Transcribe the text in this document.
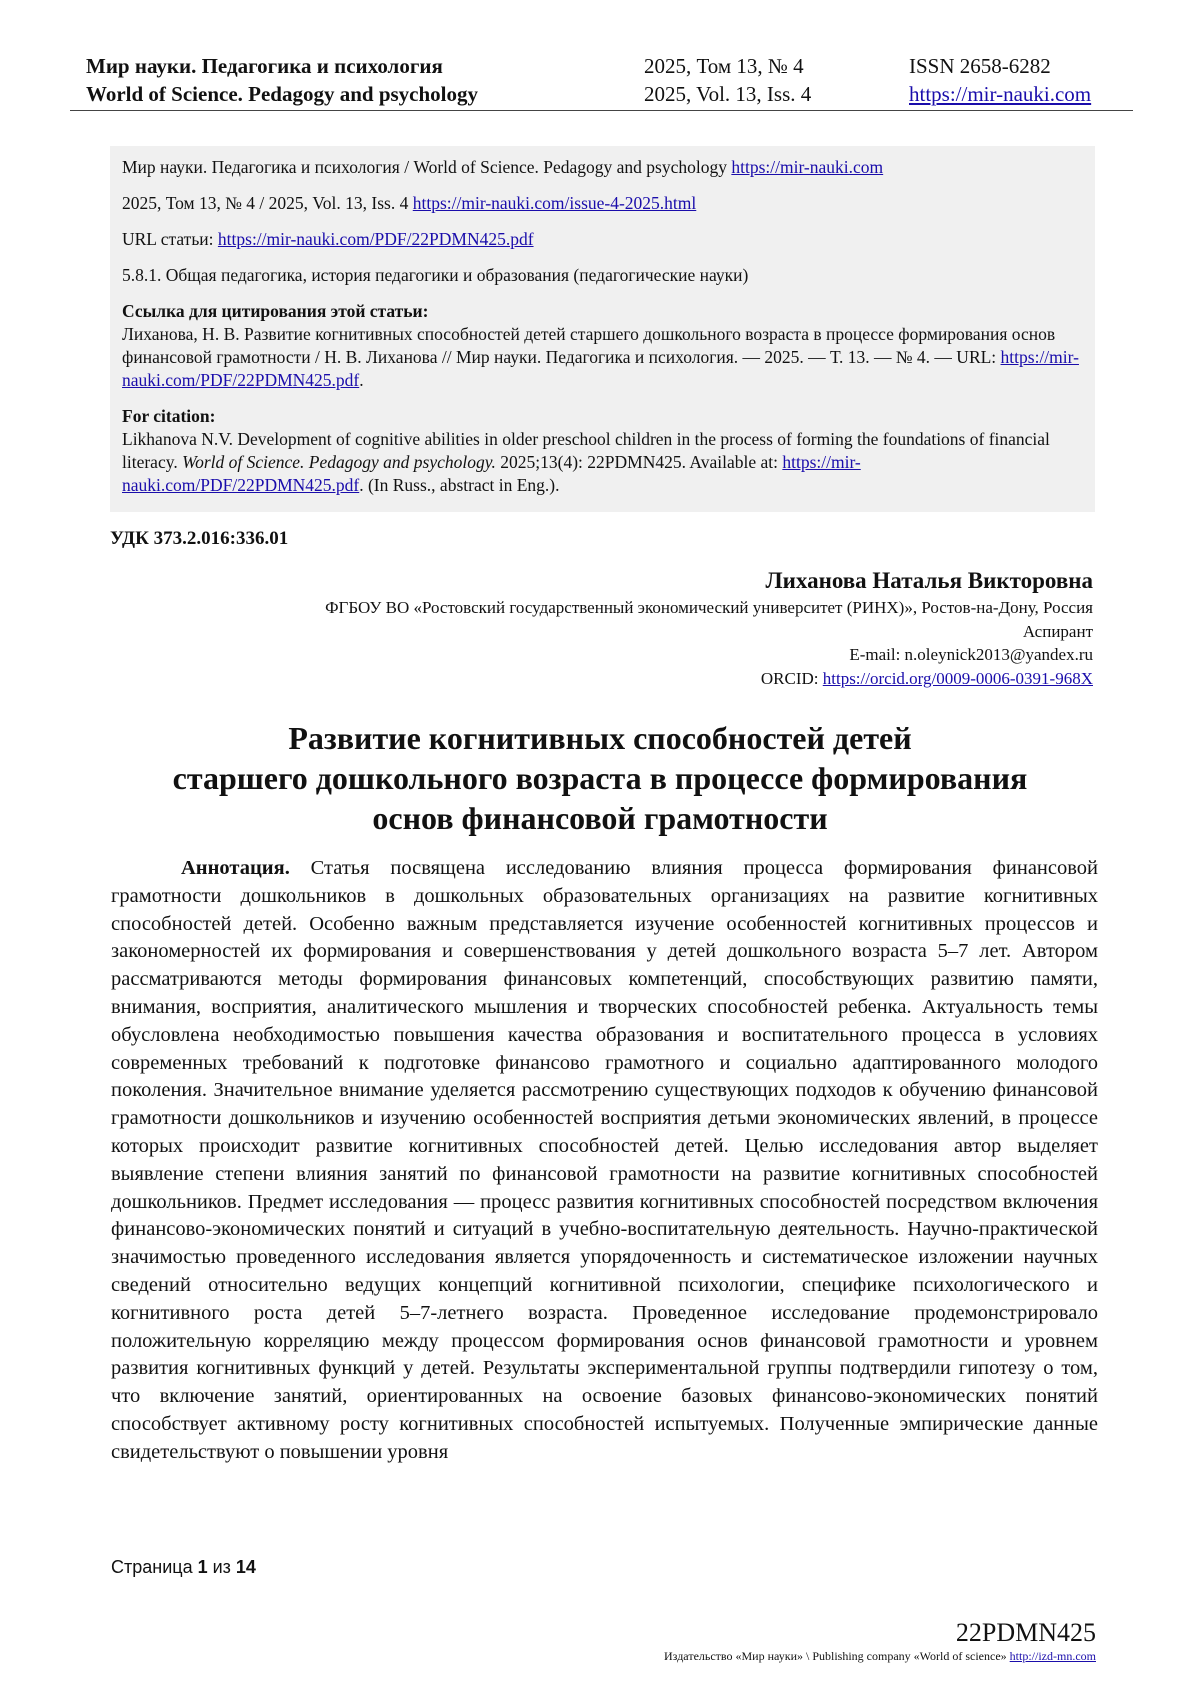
Мир науки. Педагогика и психология
World of Science. Pedagogy and psychology
2025, Том 13, № 4
2025, Vol. 13, Iss. 4
ISSN 2658-6282
https://mir-nauki.com

Мир науки. Педагогика и психология / World of Science. Pedagogy and psychology https://mir-nauki.com

2025, Том 13, № 4 / 2025, Vol. 13, Iss. 4 https://mir-nauki.com/issue-4-2025.html

URL статьи: https://mir-nauki.com/PDF/22PDMN425.pdf

5.8.1. Общая педагогика, история педагогики и образования (педагогические науки)

Ссылка для цитирования этой статьи:

Лиханова, Н. В. Развитие когнитивных способностей детей старшего дошкольного возраста в процессе формирования основ финансовой грамотности / Н. В. Лиханова // Мир науки. Педагогика и психология. — 2025. — Т. 13. — № 4. — URL: https://mir-nauki.com/PDF/22PDMN425.pdf.

For citation:

Likhanova N.V. Development of cognitive abilities in older preschool children in the process of forming the foundations of financial literacy. World of Science. Pedagogy and psychology. 2025;13(4): 22PDMN425. Available at: https://mir-nauki.com/PDF/22PDMN425.pdf. (In Russ., abstract in Eng.).

УДК 373.2.016:336.01
Лиханова Наталья Викторовна
ФГБОУ ВО «Ростовский государственный экономический университет (РИНХ)», Ростов-на-Дону, Россия
Аспирант
E-mail: n.oleynick2013@yandex.ru
ORCID: https://orcid.org/0009-0006-0391-968X
Развитие когнитивных способностей детей
старшего дошкольного возраста в процессе формирования
основ финансовой грамотности

Аннотация. Статья посвящена исследованию влияния процесса формирования финансовой грамотности дошкольников в дошкольных образовательных организациях на развитие когнитивных способностей детей. Особенно важным представляется изучение особенностей когнитивных процессов и закономерностей их формирования и совершенствования у детей дошкольного возраста 5–7 лет. Автором рассматриваются методы формирования финансовых компетенций, способствующих развитию памяти, внимания, восприятия, аналитического мышления и творческих способностей ребенка. Актуальность темы обусловлена необходимостью повышения качества образования и воспитательного процесса в условиях современных требований к подготовке финансово грамотного и социально адаптированного молодого поколения. Значительное внимание уделяется рассмотрению существующих подходов к обучению финансовой грамотности дошкольников и изучению особенностей восприятия детьми экономических явлений, в процессе которых происходит развитие когнитивных способностей детей. Целью исследования автор выделяет выявление степени влияния занятий по финансовой грамотности на развитие когнитивных способностей дошкольников. Предмет исследования — процесс развития когнитивных способностей посредством включения финансово-экономических понятий и ситуаций в учебно-воспитательную деятельность. Научно-практической значимостью проведенного исследования является упорядоченность и систематическое изложении научных сведений относительно ведущих концепций когнитивной психологии, специфике психологического и когнитивного роста детей 5–7-летнего возраста. Проведенное исследование продемонстрировало положительную корреляцию между процессом формирования основ финансовой грамотности и уровнем развития когнитивных функций у детей. Результаты экспериментальной группы подтвердили гипотезу о том, что включение занятий, ориентированных на освоение базовых финансово-экономических понятий способствует активному росту когнитивных способностей испытуемых. Полученные эмпирические данные свидетельствуют о повышении уровня

Страница 1 из 14
22PDMN425
Издательство «Мир науки» \ Publishing company «World of science» http://izd-mn.com
